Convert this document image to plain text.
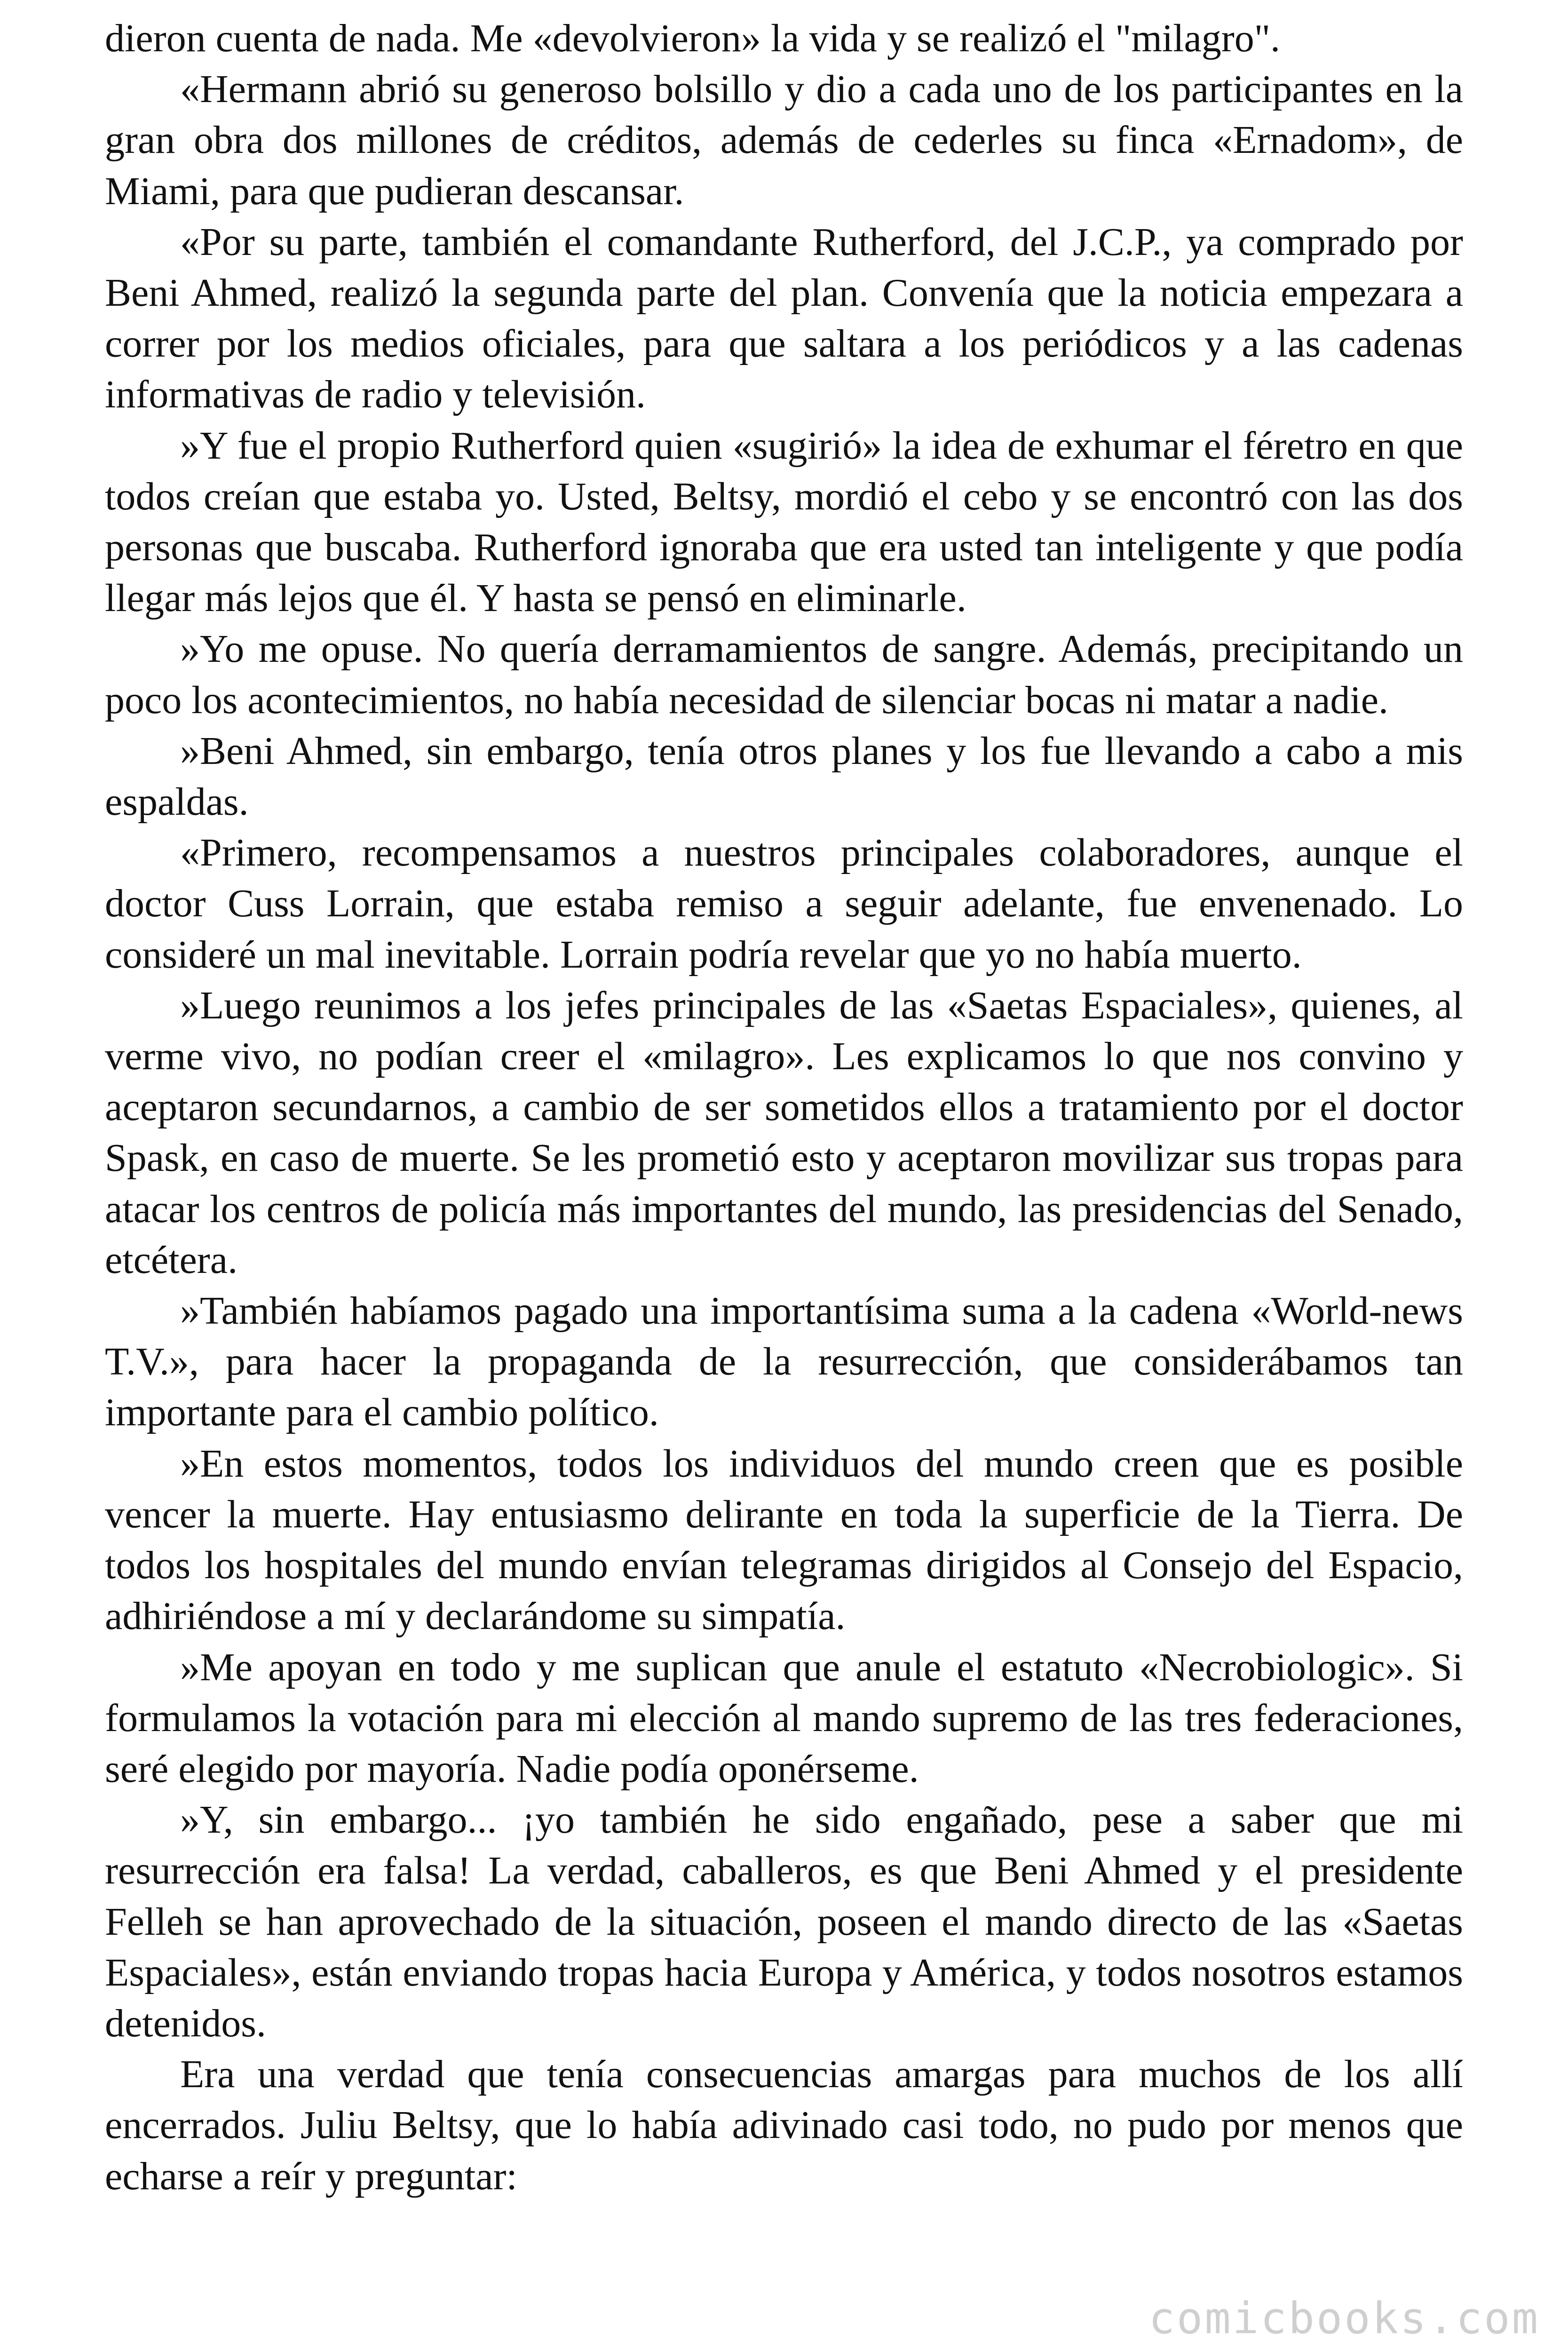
dieron cuenta de nada. Me «devolvieron» la vida y se realizó el "milagro".

«Hermann abrió su generoso bolsillo y dio a cada uno de los participantes en la gran obra dos millones de créditos, además de cederles su finca «Ernadom», de Miami, para que pudieran descansar.

«Por su parte, también el comandante Rutherford, del J.C.P., ya comprado por Beni Ahmed, realizó la segunda parte del plan. Convenía que la noticia empezara a correr por los medios oficiales, para que saltara a los periódicos y a las cadenas informativas de radio y televisión.

»Y fue el propio Rutherford quien «sugirió» la idea de exhumar el féretro en que todos creían que estaba yo. Usted, Beltsy, mordió el cebo y se encontró con las dos personas que buscaba. Rutherford ignoraba que era usted tan inteligente y que podía llegar más lejos que él. Y hasta se pensó en eliminarle.

»Yo me opuse. No quería derramamientos de sangre. Además, precipitando un poco los acontecimientos, no había necesidad de silenciar bocas ni matar a nadie.

»Beni Ahmed, sin embargo, tenía otros planes y los fue llevando a cabo a mis espaldas.

«Primero, recompensamos a nuestros principales colaboradores, aunque el doctor Cuss Lorrain, que estaba remiso a seguir adelante, fue envenenado. Lo consideré un mal inevitable. Lorrain podría revelar que yo no había muerto.

»Luego reunimos a los jefes principales de las «Saetas Espaciales», quienes, al verme vivo, no podían creer el «milagro». Les explicamos lo que nos convino y aceptaron secundarnos, a cambio de ser sometidos ellos a tratamiento por el doctor Spask, en caso de muerte. Se les prometió esto y aceptaron movilizar sus tropas para atacar los centros de policía más importantes del mundo, las presidencias del Senado, etcétera.

»También habíamos pagado una importantísima suma a la cadena «World-news T.V.», para hacer la propaganda de la resurrección, que considerábamos tan importante para el cambio político.

»En estos momentos, todos los individuos del mundo creen que es posible vencer la muerte. Hay entusiasmo delirante en toda la superficie de la Tierra. De todos los hospitales del mundo envían telegramas dirigidos al Consejo del Espacio, adhiriéndose a mí y declarándome su simpatía.

»Me apoyan en todo y me suplican que anule el estatuto «Necrobiologic». Si formulamos la votación para mi elección al mando supremo de las tres federaciones, seré elegido por mayoría. Nadie podía oponérseme.

»Y, sin embargo... ¡yo también he sido engañado, pese a saber que mi resurrección era falsa! La verdad, caballeros, es que Beni Ahmed y el presidente Felleh se han aprovechado de la situación, poseen el mando directo de las «Saetas Espaciales», están enviando tropas hacia Europa y América, y todos nosotros estamos detenidos.

Era una verdad que tenía consecuencias amargas para muchos de los allí encerrados. Juliu Beltsy, que lo había adivinado casi todo, no pudo por menos que echarse a reír y preguntar:

comicbooks.com
